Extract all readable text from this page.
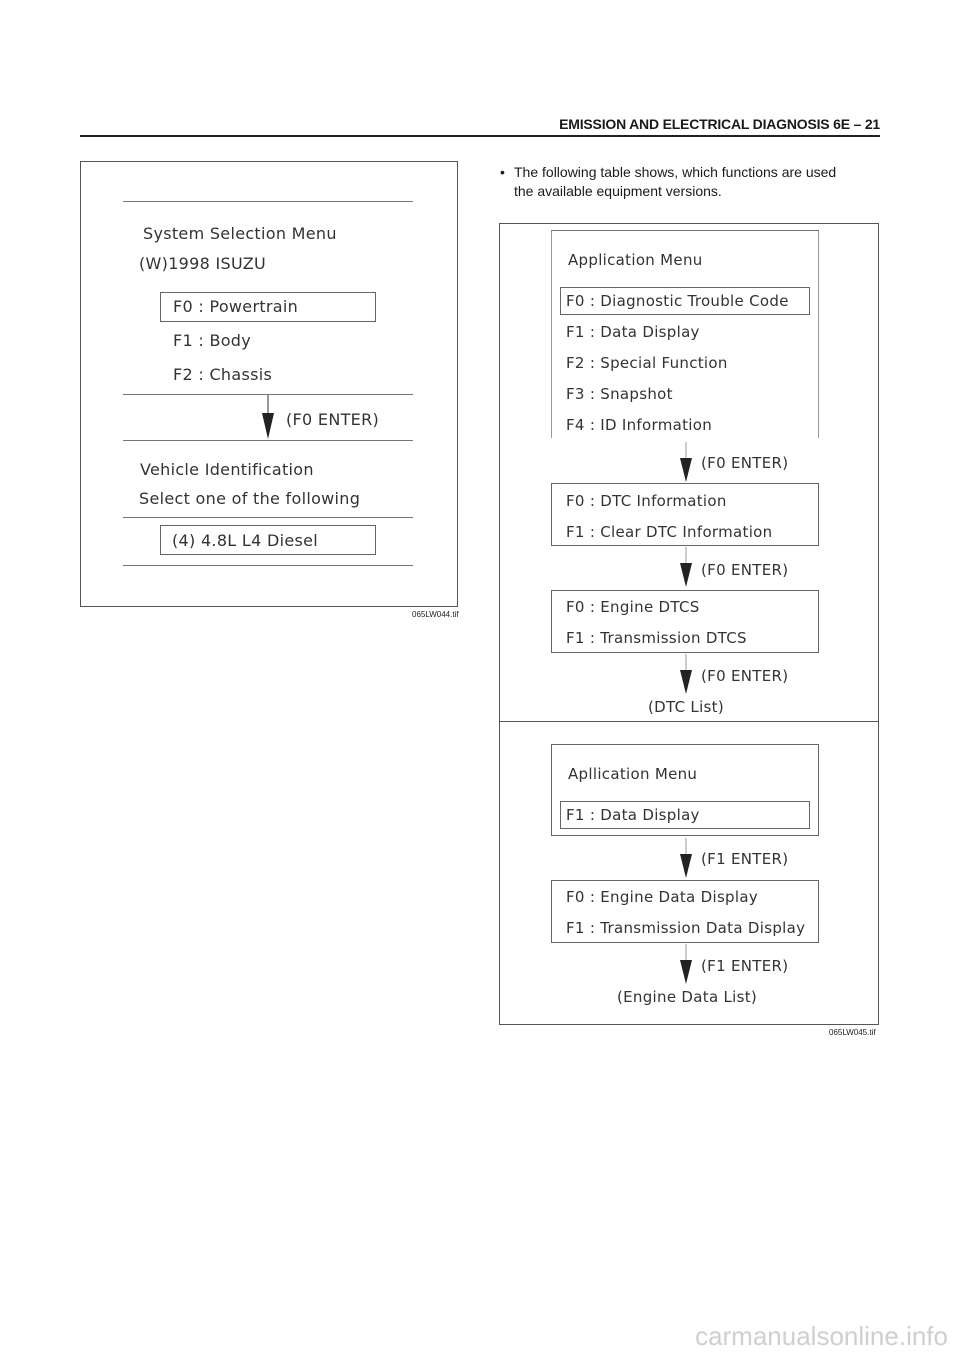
EMISSION AND ELECTRICAL DIAGNOSIS 6E – 21
System Selection Menu
(W)1998 ISUZU
F0 : Powertrain
F1 : Body
F2 : Chassis
(F0 ENTER)
Vehicle Identification
Select one of the following
(4) 4.8L L4 Diesel
065LW044.tif
• The following table shows, which functions are used
the available equipment versions.
Application Menu
F0 : Diagnostic Trouble Code
F1 : Data Display
F2 : Special Function
F3 : Snapshot
F4 : ID Information
(F0 ENTER)
F0 : DTC Information
F1 : Clear DTC Information
(F0 ENTER)
F0 : Engine DTCS
F1 : Transmission DTCS
(F0 ENTER)
(DTC List)
Apllication Menu
F1 : Data Display
(F1 ENTER)
F0 : Engine Data Display
F1 : Transmission Data Display
(F1 ENTER)
(Engine Data List)
065LW045.tif
carmanualsonline.info
